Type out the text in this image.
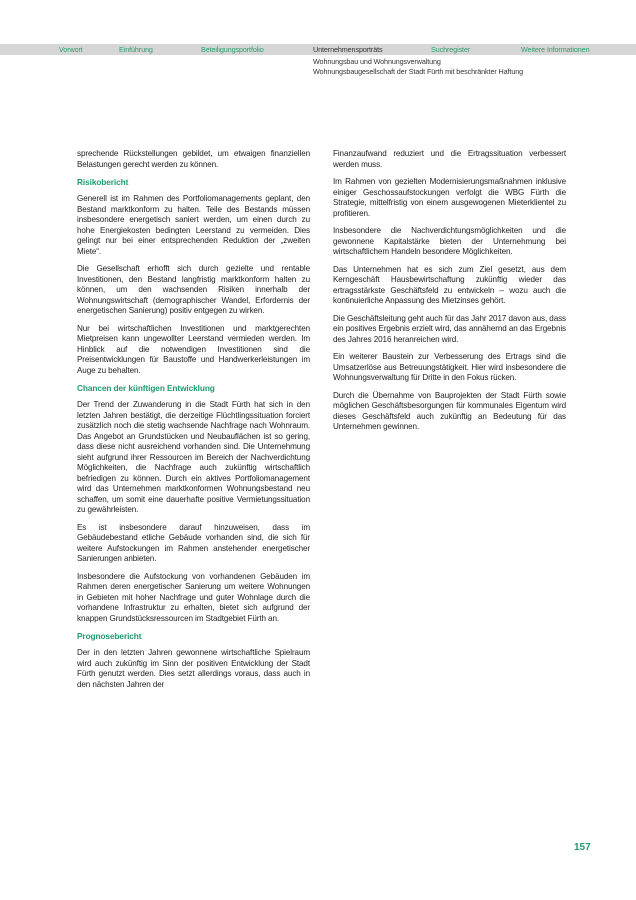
Vorwort	Einführung	Beteiligungsportfolio	Unternehmensporträts	Suchregister	Weitere Informationen
Wohnungsbau und Wohnungsverwaltung
Wohnungsbaugesellschaft der Stadt Fürth mit beschränkter Haftung

sprechende Rückstellungen gebildet, um etwaigen finanziellen Belastungen gerecht werden zu können.

Risikobericht

Generell ist im Rahmen des Portfoliomanagements geplant, den Bestand marktkonform zu halten. Teile des Bestands müssen insbesondere energetisch saniert werden, um einen durch zu hohe Energiekosten bedingten Leerstand zu vermeiden. Dies gelingt nur bei einer entsprechenden Reduktion der „zweiten Miete“.

Die Gesellschaft erhofft sich durch gezielte und rentable Investitionen, den Bestand langfristig marktkonform halten zu können, um den wachsenden Risiken innerhalb der Wohnungswirtschaft (demographischer Wandel, Erfordernis der energetischen Sanierung) positiv entgegen zu wirken.

Nur bei wirtschaftlichen Investitionen und marktgerechten Mietpreisen kann ungewollter Leerstand vermieden werden. Im Hinblick auf die notwendigen Investitionen sind die Preisentwicklungen für Baustoffe und Handwerkerleistungen im Auge zu behalten.

Chancen der künftigen Entwicklung

Der Trend der Zuwanderung in die Stadt Fürth hat sich in den letzten Jahren bestätigt, die derzeitige Flüchtlingssituation forciert zusätzlich noch die stetig wachsende Nachfrage nach Wohnraum. Das Angebot an Grundstücken und Neubauflächen ist so gering, dass diese nicht ausreichend vorhanden sind. Die Unternehmung sieht aufgrund ihrer Ressourcen im Bereich der Nachverdichtung Möglichkeiten, die Nachfrage auch zukünftig wirtschaftlich befriedigen zu können. Durch ein aktives Portfoliomanagement wird das Unternehmen marktkonformen Wohnungsbestand neu schaffen, um somit eine dauerhafte positive Vermietungssituation zu gewährleisten.

Es ist insbesondere darauf hinzuweisen, dass im Gebäudebestand etliche Gebäude vorhanden sind, die sich für weitere Aufstockungen im Rahmen anstehender energetischer Sanierungen anbieten.

Insbesondere die Aufstockung von vorhandenen Gebäuden im Rahmen deren energetischer Sanierung um weitere Wohnungen in Gebieten mit hoher Nachfrage und guter Wohnlage durch die vorhandene Infrastruktur zu erhalten, bietet sich aufgrund der knappen Grundstücksressourcen im Stadtgebiet Fürth an.

Prognosebericht

Der in den letzten Jahren gewonnene wirtschaftliche Spielraum wird auch zukünftig im Sinn der positiven Entwicklung der Stadt Fürth genutzt werden. Dies setzt allerdings voraus, dass auch in den nächsten Jahren der

Finanzaufwand reduziert und die Ertragssituation verbessert werden muss.

Im Rahmen von gezielten Modernisierungsmaßnahmen inklusive einiger Geschossaufstockungen verfolgt die WBG Fürth die Strategie, mittelfristig von einem ausgewogenen Mieterklientel zu profitieren.

Insbesondere die Nachverdichtungsmöglichkeiten und die gewonnene Kapitalstärke bieten der Unternehmung bei wirtschaftlichem Handeln besondere Möglichkeiten.

Das Unternehmen hat es sich zum Ziel gesetzt, aus dem Kerngeschäft Hausbewirtschaftung zukünftig wieder das ertragsstärkste Geschäftsfeld zu entwickeln – wozu auch die kontinuierliche Anpassung des Mietzinses gehört.

Die Geschäftsleitung geht auch für das Jahr 2017 davon aus, dass ein positives Ergebnis erzielt wird, das annähernd an das Ergebnis des Jahres 2016 heranreichen wird.

Ein weiterer Baustein zur Verbesserung des Ertrags sind die Umsatzerlöse aus Betreuungstätigkeit. Hier wird insbesondere die Wohnungsverwaltung für Dritte in den Fokus rücken.

Durch die Übernahme von Bauprojekten der Stadt Fürth sowie möglichen Geschäftsbesorgungen für kommunales Eigentum wird dieses Geschäftsfeld auch zukünftig an Bedeutung für das Unternehmen gewinnen.

157
